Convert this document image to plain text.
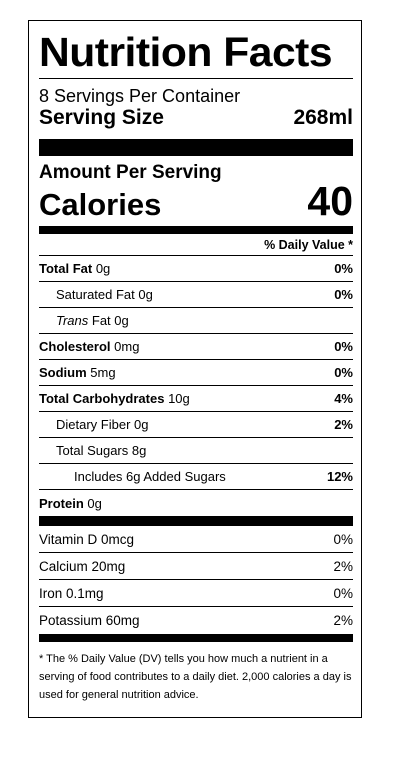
Nutrition Facts
8 Servings Per Container
Serving Size	268ml
Amount Per Serving
Calories	40
% Daily Value *
Total Fat 0g	0%
Saturated Fat 0g	0%
Trans Fat 0g
Cholesterol 0mg	0%
Sodium 5mg	0%
Total Carbohydrates 10g	4%
Dietary Fiber 0g	2%
Total Sugars 8g
Includes 6g Added Sugars	12%
Protein 0g
Vitamin D 0mcg	0%
Calcium 20mg	2%
Iron 0.1mg	0%
Potassium 60mg	2%
* The % Daily Value (DV) tells you how much a nutrient in a serving of food contributes to a daily diet. 2,000 calories a day is used for general nutrition advice.
